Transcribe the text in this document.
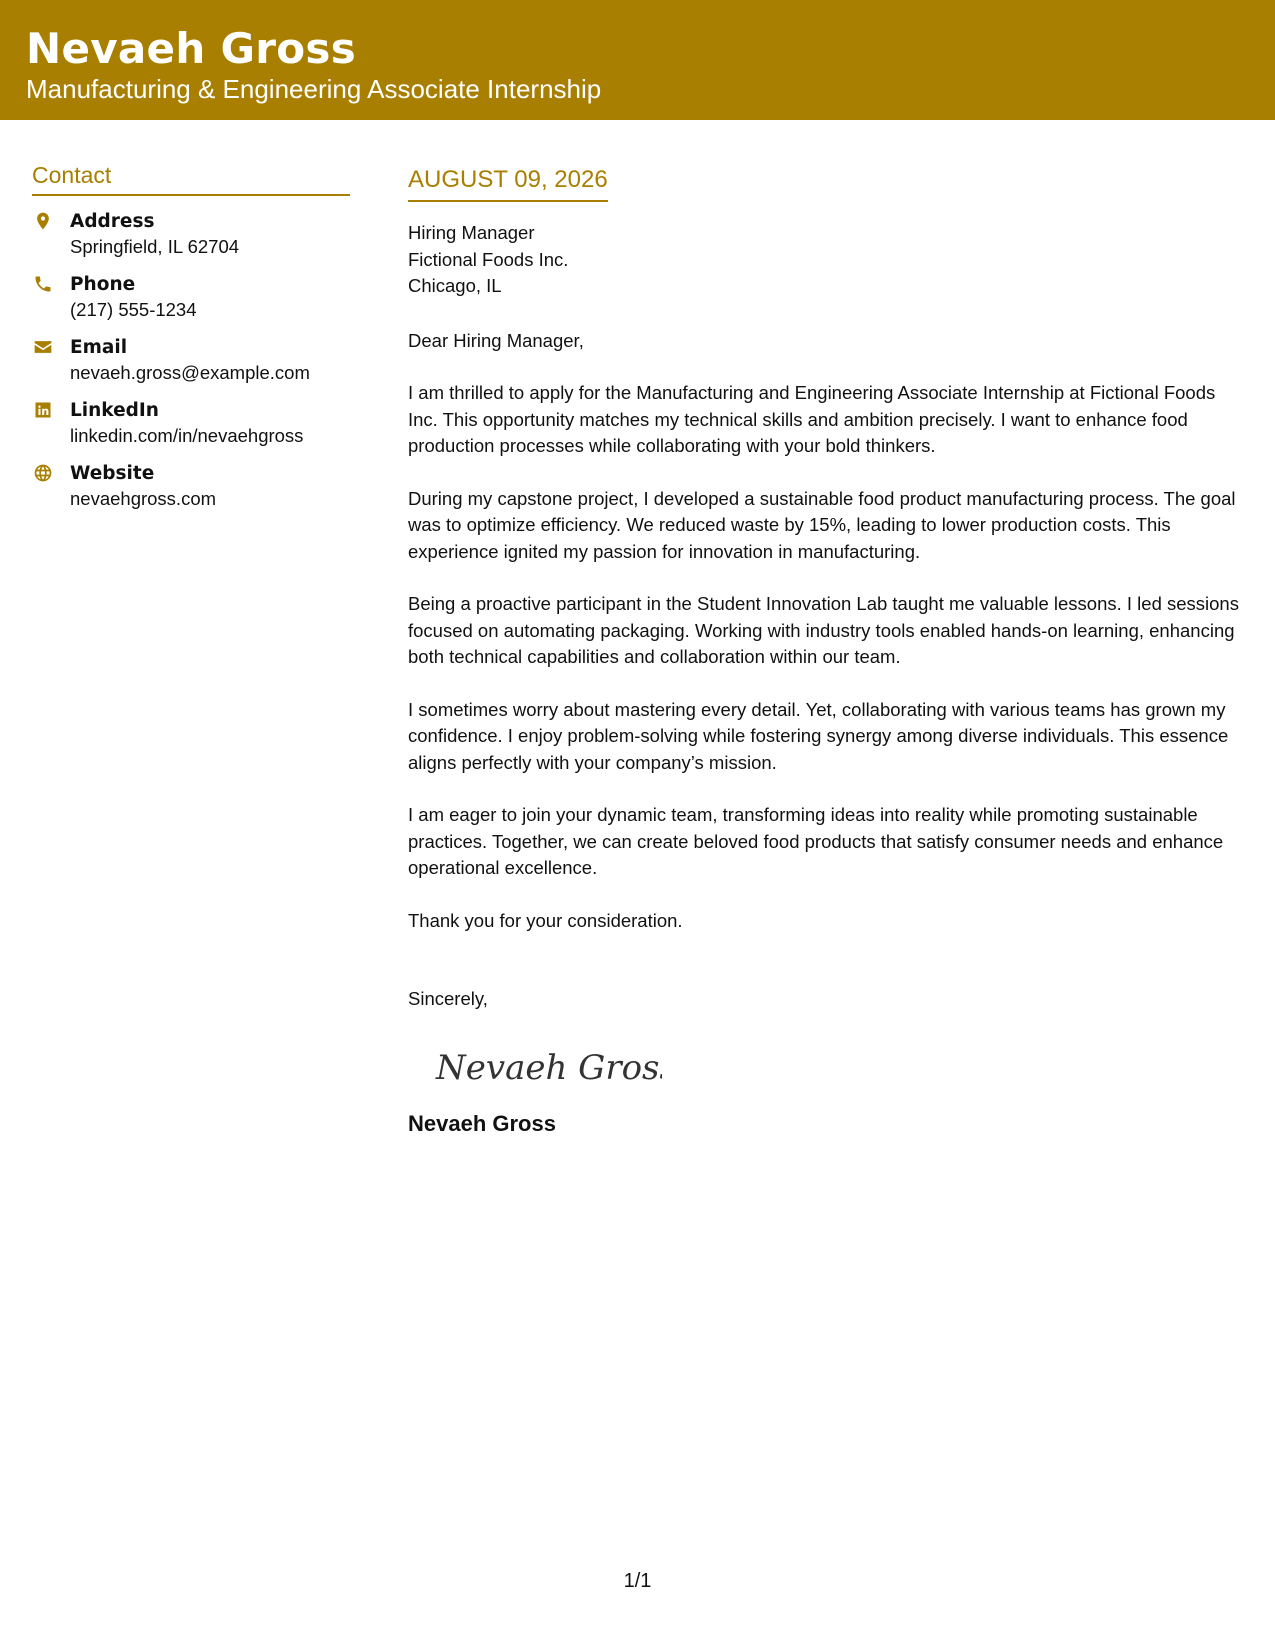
Nevaeh Gross
Manufacturing & Engineering Associate Internship
Contact
Address
Springfield, IL 62704
Phone
(217) 555-1234
Email
nevaeh.gross@example.com
LinkedIn
linkedin.com/in/nevaehgross
Website
nevaehgross.com
AUGUST 09, 2026
Hiring Manager
Fictional Foods Inc.
Chicago, IL
Dear Hiring Manager,
I am thrilled to apply for the Manufacturing and Engineering Associate Internship at Fictional Foods Inc. This opportunity matches my technical skills and ambition precisely. I want to enhance food production processes while collaborating with your bold thinkers.
During my capstone project, I developed a sustainable food product manufacturing process. The goal was to optimize efficiency. We reduced waste by 15%, leading to lower production costs. This experience ignited my passion for innovation in manufacturing.
Being a proactive participant in the Student Innovation Lab taught me valuable lessons. I led sessions focused on automating packaging. Working with industry tools enabled hands-on learning, enhancing both technical capabilities and collaboration within our team.
I sometimes worry about mastering every detail. Yet, collaborating with various teams has grown my confidence. I enjoy problem-solving while fostering synergy among diverse individuals. This essence aligns perfectly with your company’s mission.
I am eager to join your dynamic team, transforming ideas into reality while promoting sustainable practices. Together, we can create beloved food products that satisfy consumer needs and enhance operational excellence.
Thank you for your consideration.
Sincerely,
Nevaeh Gross
Nevaeh Gross
1/1
